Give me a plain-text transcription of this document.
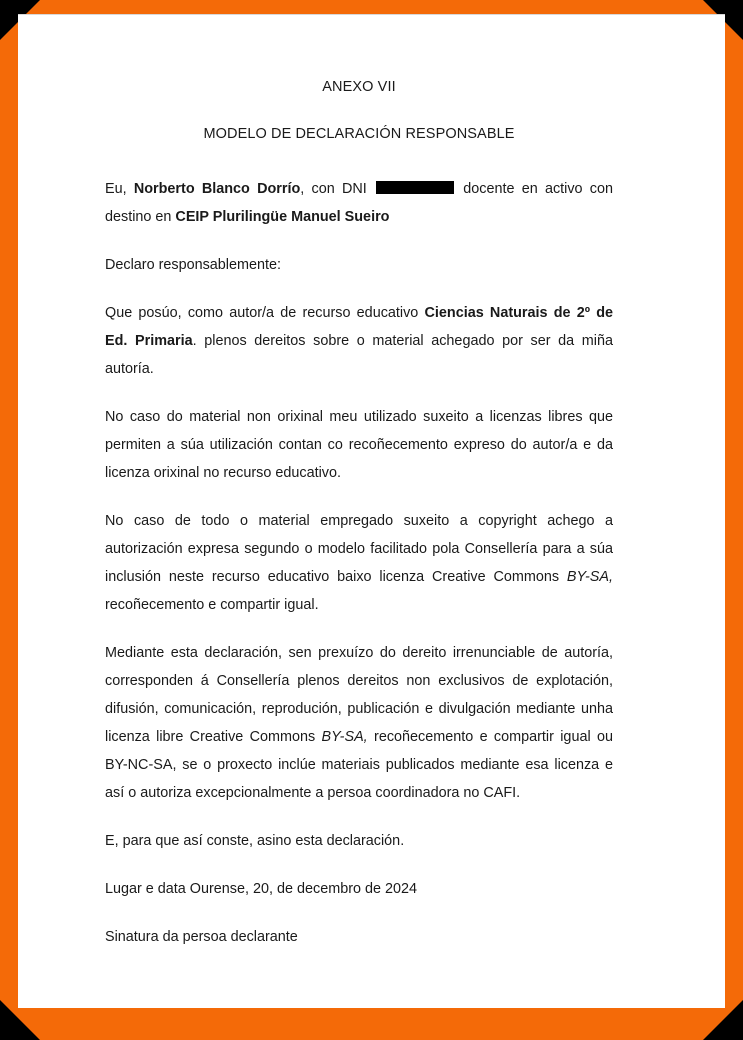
ANEXO VII
MODELO DE DECLARACIÓN RESPONSABLE

Eu, Norberto Blanco Dorrío, con DNI	docente en activo con destino en CEIP Plurilingüe Manuel Sueiro

Declaro responsablemente:

Que posúo, como autor/a de recurso educativo Ciencias Naturais de 2º de Ed. Primaria. plenos dereitos sobre o material achegado por ser da miña autoría.

No caso do material non orixinal meu utilizado suxeito a licenzas libres que permiten a súa utilización contan co recoñecemento expreso do autor/a e da licenza orixinal no recurso educativo.

No caso de todo o material empregado suxeito a copyright achego a autorización expresa segundo o modelo facilitado pola Consellería para a súa inclusión neste recurso educativo baixo licenza Creative Commons BY-SA, recoñecemento e compartir igual.

Mediante esta declaración, sen prexuízo do dereito irrenunciable de autoría, corresponden á Consellería plenos dereitos non exclusivos de explotación, difusión, comunicación, reprodución, publicación e divulgación mediante unha licenza libre Creative Commons BY-SA, recoñecemento e compartir igual ou BY-NC-SA, se o proxecto inclúe materiais publicados mediante esa licenza e así o autoriza excepcionalmente a persoa coordinadora no CAFI.

E, para que así conste, asino esta declaración.

Lugar e data Ourense, 20, de decembro de 2024

Sinatura da persoa declarante
